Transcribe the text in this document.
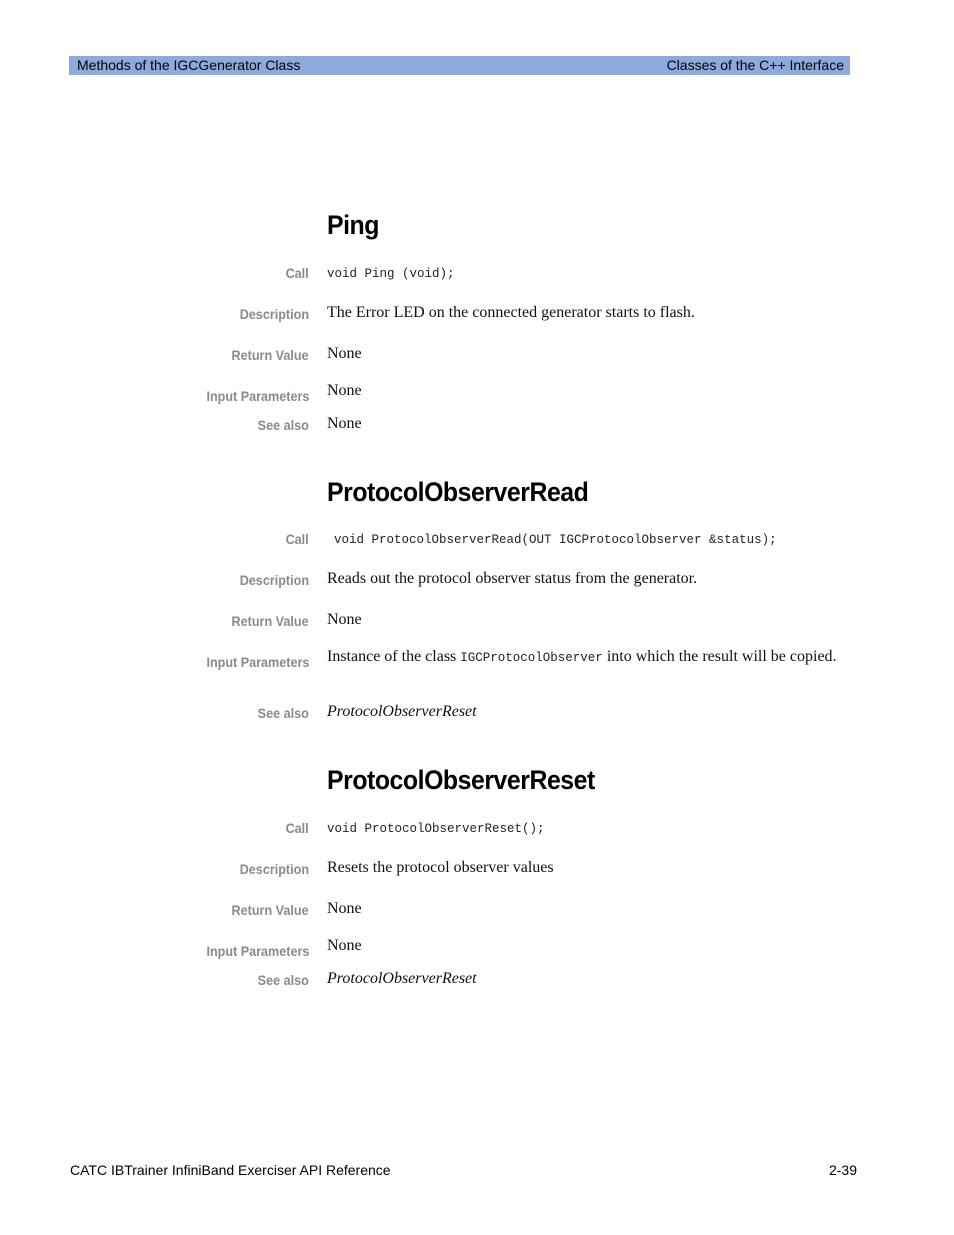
Methods of the IGCGenerator Class	Classes of the C++ Interface
Ping
Call void Ping (void);
Description The Error LED on the connected generator starts to flash.
Return Value None
Input Parameters None
See also None
ProtocolObserverRead
Call void ProtocolObserverRead(OUT IGCProtocolObserver &status);
Description Reads out the protocol observer status from the generator.
Return Value None
Input Parameters Instance of the class IGCProtocolObserver into which the result will be copied.
See also ProtocolObserverReset
ProtocolObserverReset
Call void ProtocolObserverReset();
Description Resets the protocol observer values
Return Value None
Input Parameters None
See also ProtocolObserverReset
CATC IBTrainer InfiniBand Exerciser API Reference	2-39
